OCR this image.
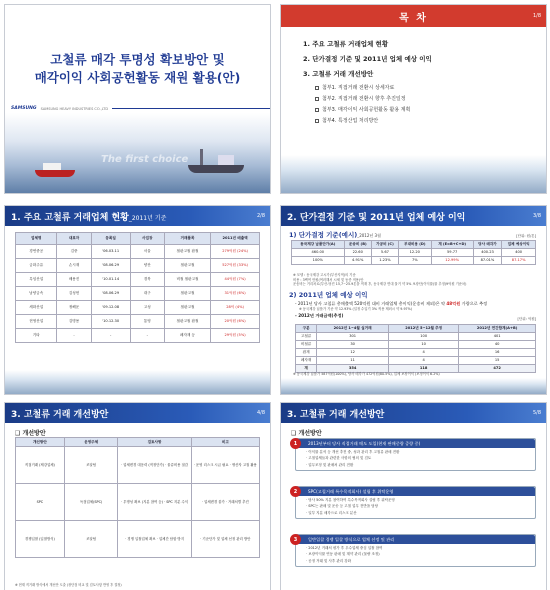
고철류 매각 투명성 확보방안 및
매각이익 사회공헌활동 재원 활용(안)
SAMSUNG SAMSUNG HEAVY INDUSTRIES CO.,LTD
The first choice
목 차	1/8
1. 주요 고철류 거래업체 현황
2. 단가결정 기준 및 2011년 업체 예상 이익
3. 고철류 거래 개선방안
첨부1. 직접거래 전환시 상세자료
첨부2. 직접거래 전환시 향후 추진일정
첨부3. 매각이익 사회공헌활동 활용 계획
첨부4. 특정산업 처리방안
1. 주요 고철류 거래업체 현황_2011년 기준	2/8
업체명	대표자	등록일	사업장	거래품목	2011년 매출액
경연중공	김중	'06.03.11	서울	철판고철 잡철	279억원 (24%)
금화주유	손시재	'08.06.29	양산	철판고철	527억원 (33%)
특임산업	배용진	'10.01.14	경북	비철 철판고철	44억원 (7%)
남양금속	김성헌	'08.06.29	대구	철판고철	31억원 (6%)
세화산업	정해운	'09.12.08	고성	철판고철	28억 (4%)
현영산업	김명용	'10.12.30	통영	철판고철 잡철	20억원 (6%)
기타	-	-	-	폐자재 등	29억원 (5%)
2. 단가결정 기준 및 2011년 업체 예상 이익	3/8
1) 단가결정 기준(예시)_2012년 3월	[단위: 원/톤]
동국제강 납품단가(A)	운송비 (B)	가공비 (C)	부대비용 (D)	계 (E=B+C+D)	당사 매각가	업체 예상이익
460.00	22.60	5.67	12.20	59.77	400.23	400
100%	4.91%	1.23%	7%	12.99%	87.01%	87.17%
※ 모델 : 동국제강 고시가(부산지역)의 기준
비용 : 3백여 만원(여러해서 시세 및 동종 적용)안
운송비는 거리차로(부산-당진 15,7~25.9톤을 적재 후, 동국제강 면대 물거 약 5% 보장단(이익률)률 추정(9억원 기준차)
2) 2011년 업체 예상 이익
- 2011년 당사 고철류 총매출액 520억원 대비 거래업체 총이익(운송비 제외)은 약 48억원 가량으로 추정
※ 동국제강 납품가 기준 약 12.93% (일정 수입기 3% 적용 제외시 약 9.97%)
- 2012년 거래금액(추정)
[단위: 억원]
구분	2012년 1~4월 실거래	2012년 5~12월 추정	2012년 연간합계(A+B)
고철류	301	100	401
비철류	30	10	40
잡재	12	4	16
폐자재	11	4	15
계	354	118	472
※ 동국제강 납품가 587억원(100%), 당사 매각가 472억원(80.5%), 업체 보장이익 (보정이익 6.2%)
3. 고철류 거래 개선방안	4/8
❑ 개선방안
개선방안	운영주체	검토사항	비고
직접거래 (제강업체)	조달팀	· 업체변경 대응력 (적정단가) · 물류비용 절감	· 운영 리스크 시급 필요 · 생산자 고철 활용
SPC	독점업체(SPC)	· 투명성 확보 (지분 참여 등) · SPC 지분 수익	· 업체변경 불가 · 거래처별 추진
경쟁입찰 (입찰방식)	조달팀	· 경쟁 입찰업체 확보 · 업체간 담합 방지	· 기준단가 및 업체 선정 관리 방안
※ 현재 직거래 방식에서 개선안 도출 (장단점 비교 및 검토사항 반영 후 결정)
3. 고철류 거래 개선방안	5/8
❑ 개선방안
1	2013년부터 당사 직접거래 매도 도입(현재 판매중량 증량 중)
· 이익률 분석 등 개선 추진 중, 성과 관리 후 고철류 판매 전환
· 고철업체들과 관련한 사항의 협의 및 검토
· 업무조정 및 판매처 관리 전환
2	SPC(고철거래 특수목적회사) 설립 후 위탁운영
· 당사 50% 지분 참여하여 특수목적회사 설립 후 위탁운영
· SPC는 판매 및 운송 등 고철 업무 전반을 담당
· 일부 지분 매각으로 리스크 분산
3	일반입찰 경쟁 입찰 방식으로 업체 선정 및 관리
· 2012년 거래처 평가 후 우수업체 중심 입찰 참여
· 보장이익률 연동 판매 및 계약 관리 (물량 조정)
· 공정 거래 및 사후 관리 강화
